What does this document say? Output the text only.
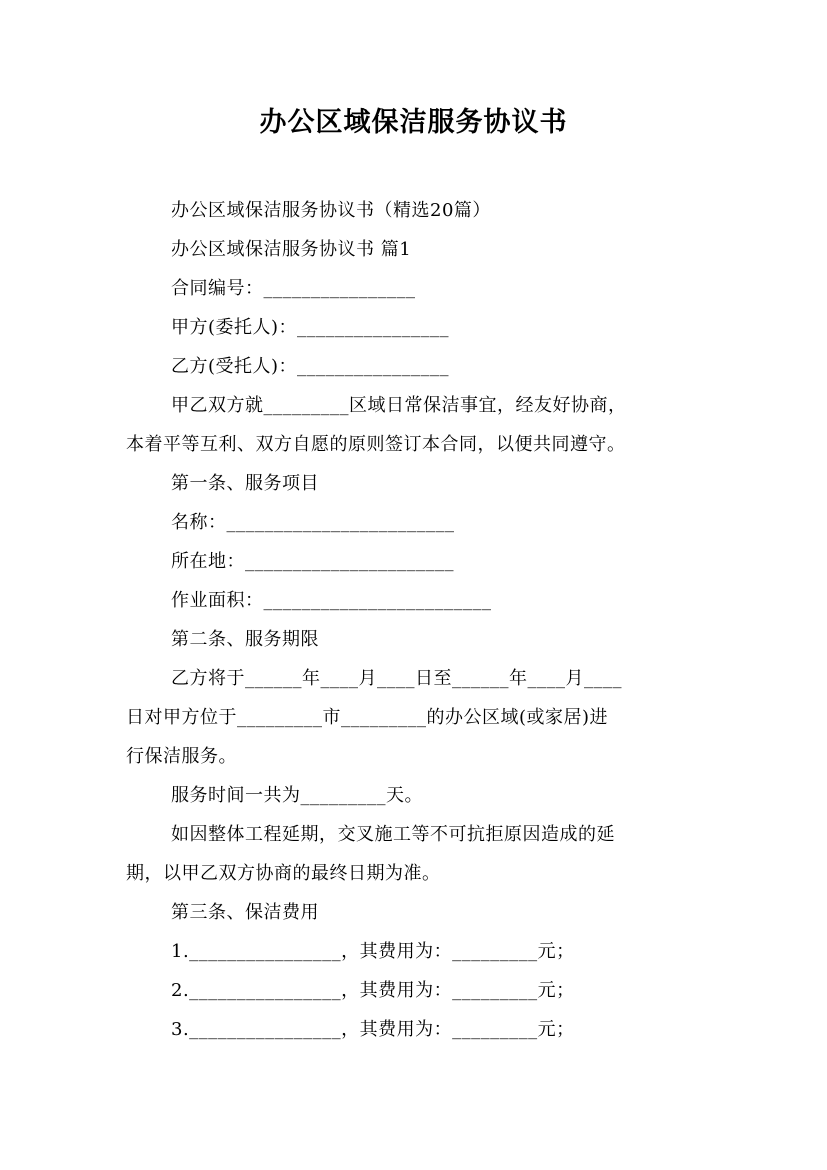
办公区域保洁服务协议书
办公区域保洁服务协议书（精选20篇）
办公区域保洁服务协议书 篇1
合同编号：________________
甲方(委托人)：________________
乙方(受托人)：________________
甲乙双方就_________区域日常保洁事宜，经友好协商，
本着平等互利、双方自愿的原则签订本合同，以便共同遵守。
第一条、服务项目
名称：________________________
所在地：______________________
作业面积：________________________
第二条、服务期限
乙方将于______年____月____日至______年____月____
日对甲方位于_________市_________的办公区域(或家居)进
行保洁服务。
服务时间一共为_________天。
如因整体工程延期，交叉施工等不可抗拒原因造成的延
期，以甲乙双方协商的最终日期为准。
第三条、保洁费用
1.________________，其费用为：_________元；
2.________________，其费用为：_________元；
3.________________，其费用为：_________元；
